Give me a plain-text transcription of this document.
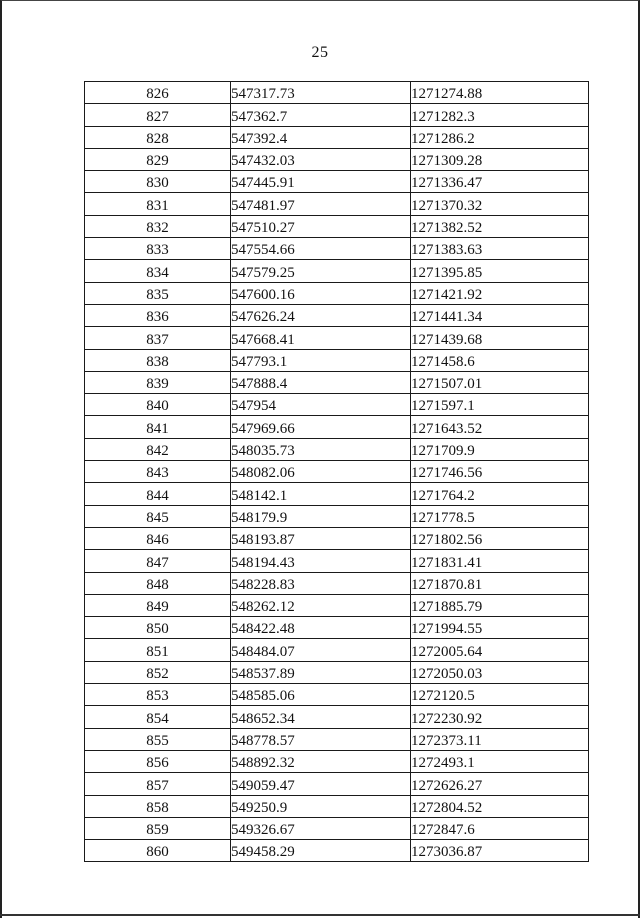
25
826	547317.73	1271274.88
827	547362.7	1271282.3
828	547392.4	1271286.2
829	547432.03	1271309.28
830	547445.91	1271336.47
831	547481.97	1271370.32
832	547510.27	1271382.52
833	547554.66	1271383.63
834	547579.25	1271395.85
835	547600.16	1271421.92
836	547626.24	1271441.34
837	547668.41	1271439.68
838	547793.1	1271458.6
839	547888.4	1271507.01
840	547954	1271597.1
841	547969.66	1271643.52
842	548035.73	1271709.9
843	548082.06	1271746.56
844	548142.1	1271764.2
845	548179.9	1271778.5
846	548193.87	1271802.56
847	548194.43	1271831.41
848	548228.83	1271870.81
849	548262.12	1271885.79
850	548422.48	1271994.55
851	548484.07	1272005.64
852	548537.89	1272050.03
853	548585.06	1272120.5
854	548652.34	1272230.92
855	548778.57	1272373.11
856	548892.32	1272493.1
857	549059.47	1272626.27
858	549250.9	1272804.52
859	549326.67	1272847.6
860	549458.29	1273036.87
